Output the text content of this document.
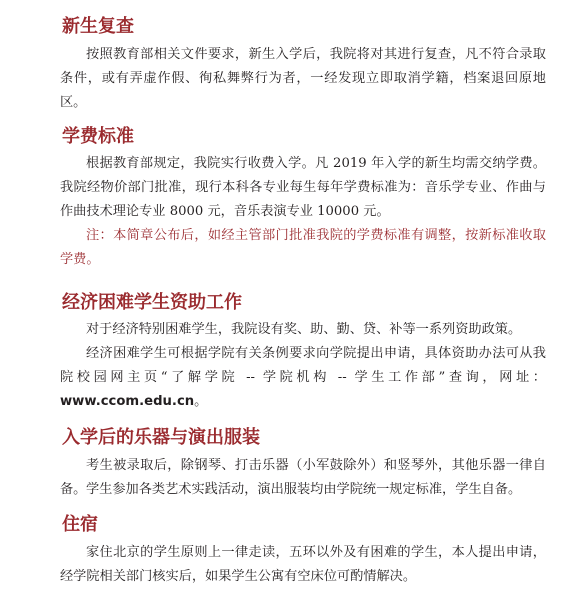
新生复查

按照教育部相关文件要求，新生入学后，我院将对其进行复查，凡不符合录取条件，或有弄虚作假、徇私舞弊行为者，一经发现立即取消学籍，档案退回原地区。

学费标准

根据教育部规定，我院实行收费入学。凡 2019 年入学的新生均需交纳学费。我院经物价部门批准，现行本科各专业每生每年学费标准为：音乐学专业、作曲与作曲技术理论专业 8000 元，音乐表演专业 10000 元。

注：本简章公布后，如经主管部门批准我院的学费标准有调整，按新标准收取学费。

经济困难学生资助工作

对于经济特别困难学生，我院设有奖、助、勤、贷、补等一系列资助政策。

经济困难学生可根据学院有关条例要求向学院提出申请，具体资助办法可从我院校园网主页“了解学院 -- 学院机构 -- 学生工作部”查询，网址：www.ccom.edu.cn。

入学后的乐器与演出服装

考生被录取后，除钢琴、打击乐器（小军鼓除外）和竖琴外，其他乐器一律自备。 学生参加各类艺术实践活动，演出服装均由学院统一规定标准，学生自备。

住宿

家住北京的学生原则上一律走读，五环以外及有困难的学生，本人提出申请，经学院相关部门核实后，如果学生公寓有空床位可酌情解决。
